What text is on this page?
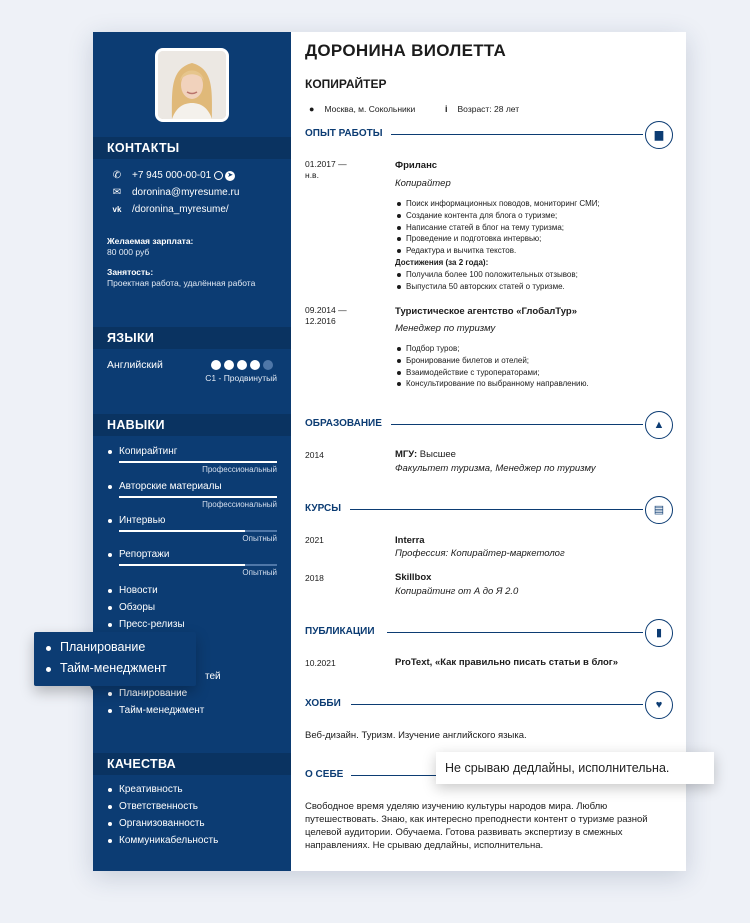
КОНТАКТЫ
✆ +7 945 000-00-01 ➤
✉ doronina@myresume.ru
vk /doronina_myresume/
Желаемая зарплата:
80 000 руб
Занятость:
Проектная работа, удалённая работа
ЯЗЫКИ
Английский
C1 - Продвинутый
НАВЫКИ
Копирайтинг
Профессиональный
Авторские материалы
Профессиональный
Интервью
Опытный
Репортажи
Опытный
Новости
Обзоры
Пресс-релизы
тей
Планирование
Тайм-менеджмент
КАЧЕСТВА
Креативность
Ответственность
Организованность
Коммуникабельность
ДОРОНИНА ВИОЛЕТТА
КОПИРАЙТЕР
● Москва, м. Сокольники	i Возраст: 28 лет
ОПЫТ РАБОТЫ	▆
01.2017 —
н.в.
Фриланс
Копирайтер
Поиск информационных поводов, мониторинг СМИ;
Создание контента для блога о туризме;
Написание статей в блог на тему туризма;
Проведение и подготовка интервью;
Редактура и вычитка текстов.
Достижения (за 2 года):
Получила более 100 положительных отзывов;
Выпустила 50 авторских статей о туризме.
09.2014 —
12.2016
Туристическое агентство «ГлобалТур»
Менеджер по туризму
Подбор туров;
Бронирование билетов и отелей;
Взаимодействие с туроператорами;
Консультирование по выбранному направлению.
ОБРАЗОВАНИЕ	▲
2014	МГУ: Высшее
Факультет туризма, Менеджер по туризму
КУРСЫ	▤
2021	Interra
Профессия: Копирайтер-маркетолог
2018	Skillbox
Копирайтинг от А до Я 2.0
ПУБЛИКАЦИИ	▮
10.2021	ProText, «Как правильно писать статьи в блог»
ХОББИ	♥
Веб-дизайн. Туризм. Изучение английского языка.
О СЕБЕ
Свободное время уделяю изучению культуры народов мира. Люблю путешествовать. Знаю, как интересно преподнести контент о туризме разной целевой аудитории. Обучаема. Готова развивать экспертизу в смежных направлениях. Не срываю дедлайны, исполнительна.
Планирование
Тайм-менеджмент
Не срываю дедлайны, исполнительна.
